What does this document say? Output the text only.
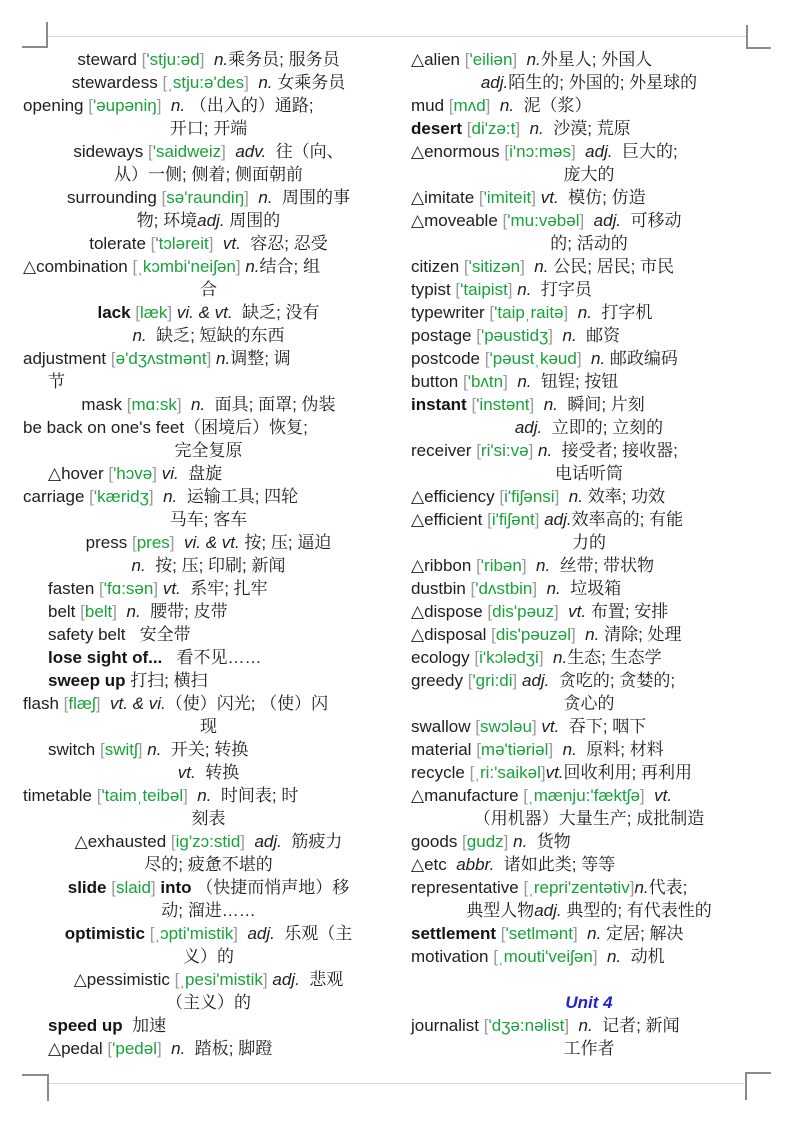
steward ['stju:əd] n.乘务员; 服务员
stewardess [ˌstju:ə'des] n. 女乘务员
opening ['əupəniŋ] n. （出入的）通路;
开口; 开端
sideways ['saidweiz] adv.  往（向、
从）一侧; 侧着; 侧面朝前
surrounding [sə'raundiŋ] n.  周围的事
物; 环境adj. 周围的
tolerate ['tɔləreit] vt.  容忍; 忍受
△combination [ˌkɔmbi'neiʃən] n.结合; 组
合
lack [læk] vi. & vt.  缺乏; 没有
n.  缺乏; 短缺的东西
adjustment [ə'dʒʌstmənt] n.调整; 调
节
mask [mɑ:sk] n.  面具; 面罩; 伪装
be back on one's feet（困境后）恢复;
完全复原
△hover ['hɔvə] vi.  盘旋
carriage ['kæridʒ] n.  运输工具; 四轮
马车; 客车
press [pres] vi. & vt. 按; 压; 逼迫
n.  按; 压; 印刷; 新闻
fasten ['fɑ:sən] vt.  系牢; 扎牢
belt [belt] n.  腰带; 皮带
safety belt   安全带
lose sight of...   看不见……
sweep up 打扫; 横扫
flash [flæʃ] vt. & vi.（使）闪光; （使）闪
现
switch [switʃ] n.  开关; 转换
vt.  转换
timetable ['taimˌteibəl] n.  时间表; 时
刻表
△exhausted [ig'zɔ:stid] adj.  筋疲力
尽的; 疲惫不堪的
slide [slaid] into （快捷而悄声地）移
动; 溜进……
optimistic [ˌɔpti'mistik] adj.  乐观（主
义）的
△pessimistic [ˌpesi'mistik] adj.  悲观
（主义）的
speed up  加速
△pedal ['pedəl] n.  踏板; 脚蹬
△alien ['eiliən] n.外星人; 外国人
adj.陌生的; 外国的; 外星球的
mud [mʌd] n.  泥（浆）
desert [di'zə:t] n.  沙漠; 荒原
△enormous [i'nɔ:məs] adj.  巨大的;
庞大的
△imitate ['imiteit] vt.  模仿; 仿造
△moveable ['mu:vəbəl] adj.  可移动
的; 活动的
citizen ['sitizən] n. 公民; 居民; 市民
typist ['taipist] n.  打字员
typewriter ['taipˌraitə] n.  打字机
postage ['pəustidʒ] n.  邮资
postcode ['pəustˌkəud] n. 邮政编码
button ['bʌtn] n.  钮锃; 按钮
instant ['instənt] n.  瞬间; 片刻
adj.  立即的; 立刻的
receiver [ri'si:və] n.  接受者; 接收器;
电话听筒
△efficiency [i'fiʃənsi] n. 效率; 功效
△efficient [i'fiʃənt] adj.效率高的; 有能
力的
△ribbon ['ribən] n.  丝带; 带状物
dustbin ['dʌstbin] n.  垃圾箱
△dispose [dis'pəuz] vt. 布置; 安排
△disposal [dis'pəuzəl] n. 清除; 处理
ecology [i'kɔlədʒi] n.生态; 生态学
greedy ['gri:di] adj.  贪吃的; 贪婪的;
贪心的
swallow [swɔləu] vt.  吞下; 咽下
material [mə'tiəriəl] n.  原料; 材料
recycle [ˌri:'saikəl]vt.回收利用; 再利用
△manufacture [ˌmænju:'fæktʃə] vt.
（用机器）大量生产; 成批制造
goods [gudz] n.  货物
△etc  abbr.  诸如此类; 等等
representative [ˌrepri'zentətiv]n.代表;
典型人物adj. 典型的; 有代表性的
settlement ['setlmənt] n. 定居; 解决
motivation [ˌmouti'veiʃən] n.  动机
Unit 4
journalist ['dʒə:nəlist] n.  记者; 新闻
工作者
